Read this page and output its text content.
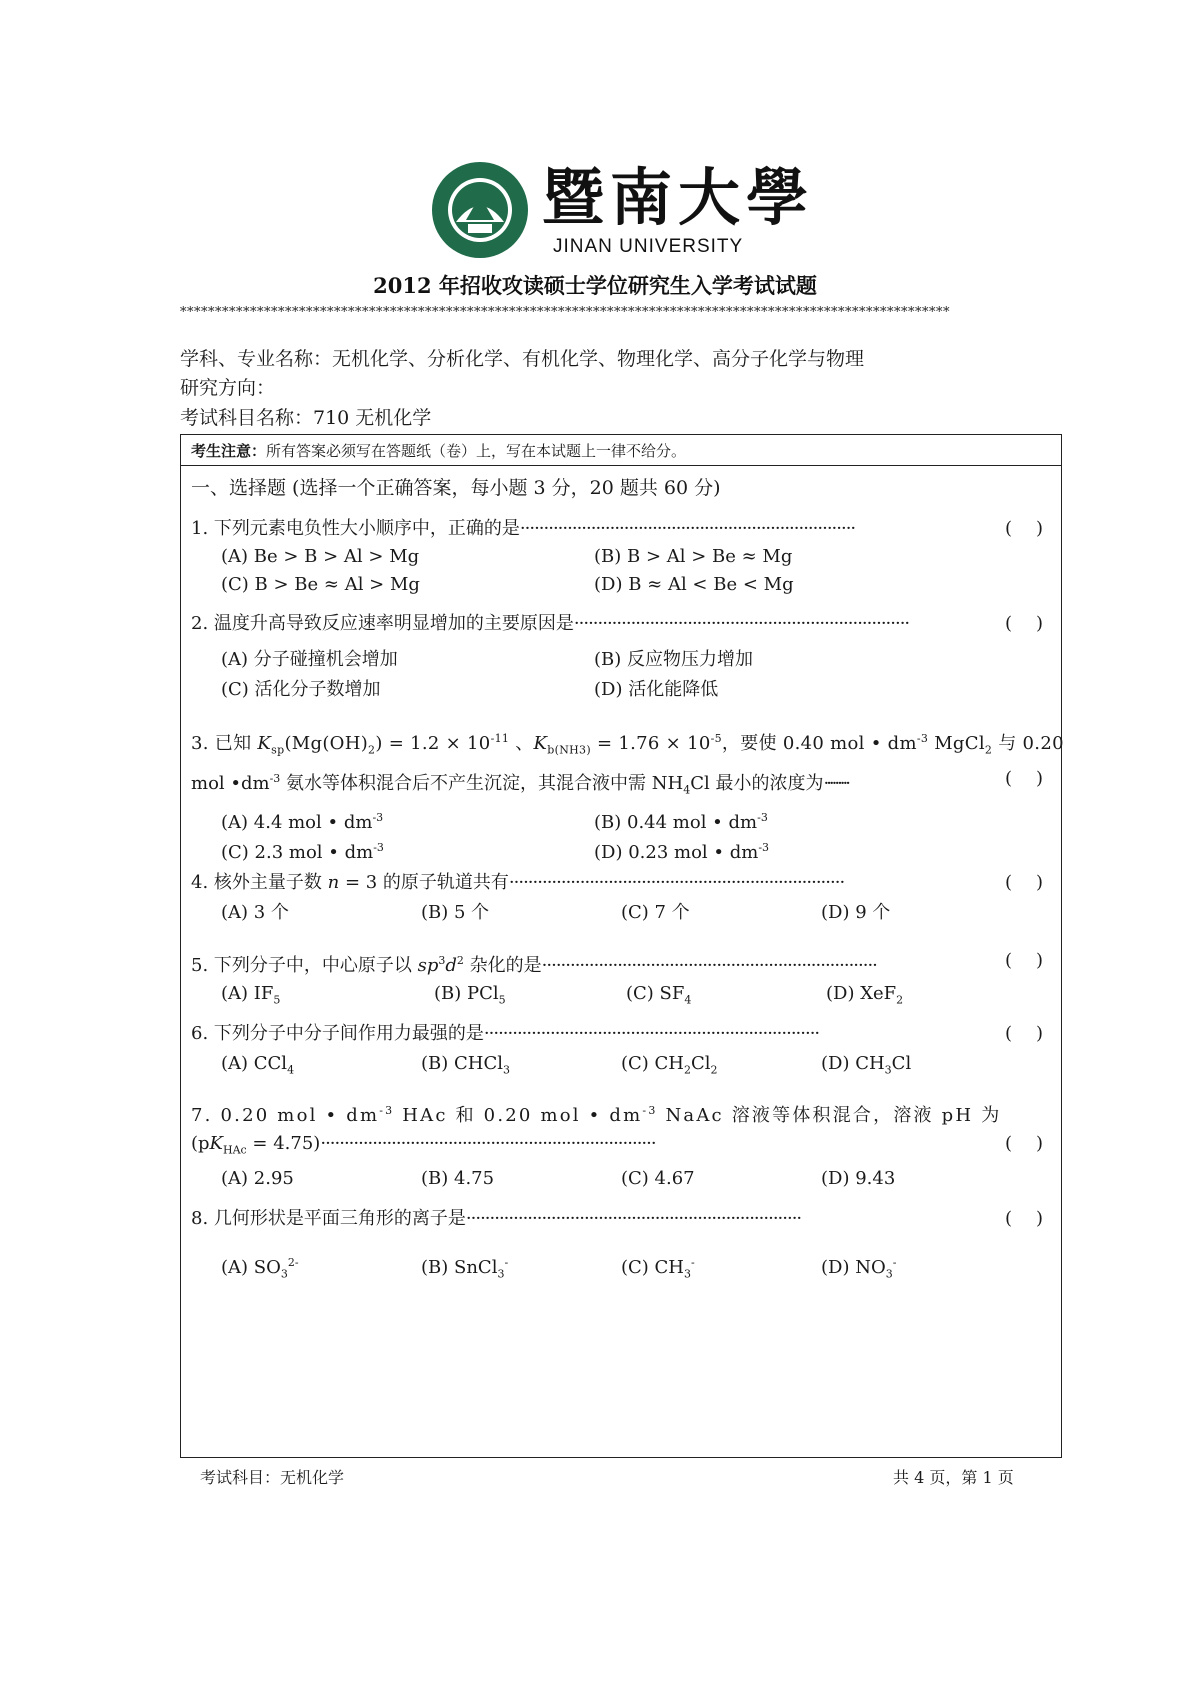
暨南大學
JINAN UNIVERSITY
2012 年招收攻读硕士学位研究生入学考试试题
**************************************************************************************************************
学科、专业名称：无机化学、分析化学、有机化学、物理化学、高分子化学与物理
研究方向：
考试科目名称：710 无机化学
考生注意：所有答案必须写在答题纸（卷）上，写在本试题上一律不给分。
一、选择题 (选择一个正确答案，每小题 3 分，20 题共 60 分)
1. 下列元素电负性大小顺序中，正确的是·······································································	( )
(A) Be > B > Al > Mg	(B) B > Al > Be ≈ Mg
(C) B > Be ≈ Al > Mg	(D) B ≈ Al < Be < Mg
2. 温度升高导致反应速率明显增加的主要原因是·······································································	( )
(A) 分子碰撞机会增加	(B) 反应物压力增加
(C) 活化分子数增加	(D) 活化能降低
3. 已知 $K_{sp}(Mg(OH)_2) = 1.2 \times 10^{-11}$ 、$K_{b(NH3)} = 1.76 \times 10^{-5}$，要使 0.40 mol • $dm^{-3}$ MgCl$_2$ 与 0.20
mol $•dm^{-3}$ 氨水等体积混合后不产生沉淀，其混合液中需 $NH_4Cl$ 最小的浓度为·········	( )
(A) 4.4 mol • $dm^{-3}$	(B) 0.44 mol • $dm^{-3}$
(C) 2.3 mol • $dm^{-3}$	(D) 0.23 mol • $dm^{-3}$
4. 核外主量子数 n = 3 的原子轨道共有·······································································	( )
(A) 3 个	(B) 5 个	(C) 7 个	(D) 9 个
5. 下列分子中，中心原子以 $sp^3d^2$ 杂化的是·······································································	( )
(A) $IF_5$	(B) PCl$_5$	(C) $SF_4$	(D) XeF$_2$
6. 下列分子中分子间作用力最强的是·······································································	( )
(A) CCl$_4$	(B) CHCl$_3$	(C) $CH_2Cl_2$	(D) $CH_3Cl$
7. 0.20 mol • $dm^{-3}$ HAc 和 0.20 mol • $dm^{-3}$ NaAc 溶液等体积混合，溶液 pH 为
$(pK_{HAc} = 4.75)\cdot\cdot\cdot\cdot\cdot\cdot\cdot\cdot\cdot\cdot\cdot\cdot\cdot\cdot\cdot\cdot\cdot\cdot\cdot\cdot\cdot\cdot\cdot\cdot\cdot\cdot\cdot\cdot\cdot\cdot\cdot\cdot\cdot\cdot\cdot\cdot\cdot\cdot\cdot\cdot\cdot\cdot\cdot\cdot\cdot\cdot\cdot\cdot\cdot\cdot\cdot\cdot\cdot\cdot\cdot\cdot\cdot\cdot\cdot\cdot\cdot\cdot\cdot\cdot\cdot\cdot\cdot\cdot\cdot\cdot\cdot$	( )
(A) 2.95	(B) 4.75	(C) 4.67	(D) 9.43
8. 几何形状是平面三角形的离子是·······································································	( )
(A) $SO_3^{2-}$	(B) SnCl$_3$-	(C) $CH_3^-$	(D) $NO_3^-$
考试科目：无机化学	共 4 页，第 1 页
